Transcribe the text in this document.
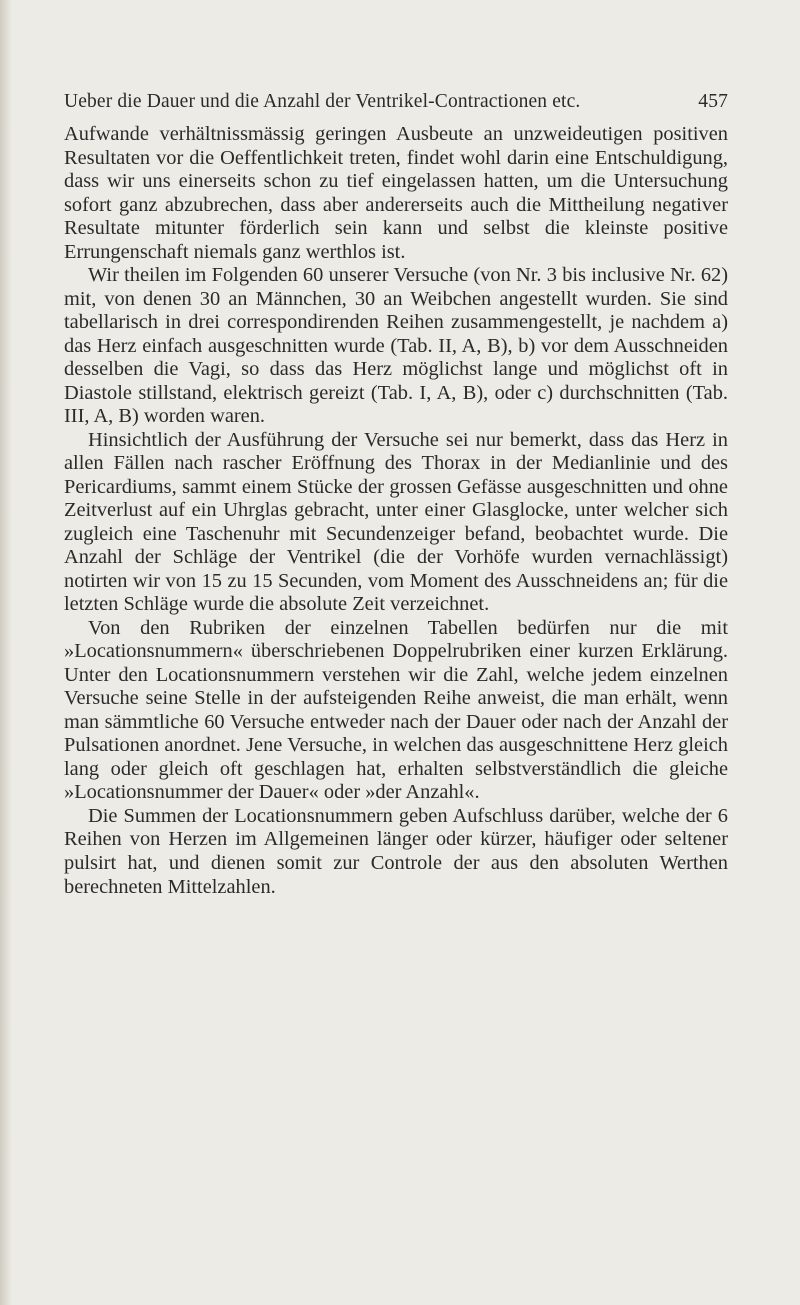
Ueber die Dauer und die Anzahl der Ventrikel-Contractionen etc.	457

Aufwande verhältnissmässig geringen Ausbeute an unzweideutigen positiven Resultaten vor die Oeffentlichkeit treten, findet wohl darin eine Entschuldigung, dass wir uns einerseits schon zu tief eingelassen hatten, um die Untersuchung sofort ganz abzubrechen, dass aber andererseits auch die Mittheilung negativer Resultate mitunter förderlich sein kann und selbst die kleinste positive Errungenschaft niemals ganz werthlos ist.

Wir theilen im Folgenden 60 unserer Versuche (von Nr. 3 bis inclusive Nr. 62) mit, von denen 30 an Männchen, 30 an Weibchen angestellt wurden. Sie sind tabellarisch in drei correspondirenden Reihen zusammengestellt, je nachdem a) das Herz einfach ausgeschnitten wurde (Tab. II, A, B), b) vor dem Ausschneiden desselben die Vagi, so dass das Herz möglichst lange und möglichst oft in Diastole stillstand, elektrisch gereizt (Tab. I, A, B), oder c) durchschnitten (Tab. III, A, B) worden waren.

Hinsichtlich der Ausführung der Versuche sei nur bemerkt, dass das Herz in allen Fällen nach rascher Eröffnung des Thorax in der Medianlinie und des Pericardiums, sammt einem Stücke der grossen Gefässe ausgeschnitten und ohne Zeitverlust auf ein Uhrglas gebracht, unter einer Glasglocke, unter welcher sich zugleich eine Taschenuhr mit Secundenzeiger befand, beobachtet wurde. Die Anzahl der Schläge der Ventrikel (die der Vorhöfe wurden vernachlässigt) notirten wir von 15 zu 15 Secunden, vom Moment des Ausschneidens an; für die letzten Schläge wurde die absolute Zeit verzeichnet.

Von den Rubriken der einzelnen Tabellen bedürfen nur die mit »Locationsnummern« überschriebenen Doppelrubriken einer kurzen Erklärung. Unter den Locationsnummern verstehen wir die Zahl, welche jedem einzelnen Versuche seine Stelle in der aufsteigenden Reihe anweist, die man erhält, wenn man sämmtliche 60 Versuche entweder nach der Dauer oder nach der Anzahl der Pulsationen anordnet. Jene Versuche, in welchen das ausgeschnittene Herz gleich lang oder gleich oft geschlagen hat, erhalten selbstverständlich die gleiche »Locationsnummer der Dauer« oder »der Anzahl«.

Die Summen der Locationsnummern geben Aufschluss darüber, welche der 6 Reihen von Herzen im Allgemeinen länger oder kürzer, häufiger oder seltener pulsirt hat, und dienen somit zur Controle der aus den absoluten Werthen berechneten Mittelzahlen.
